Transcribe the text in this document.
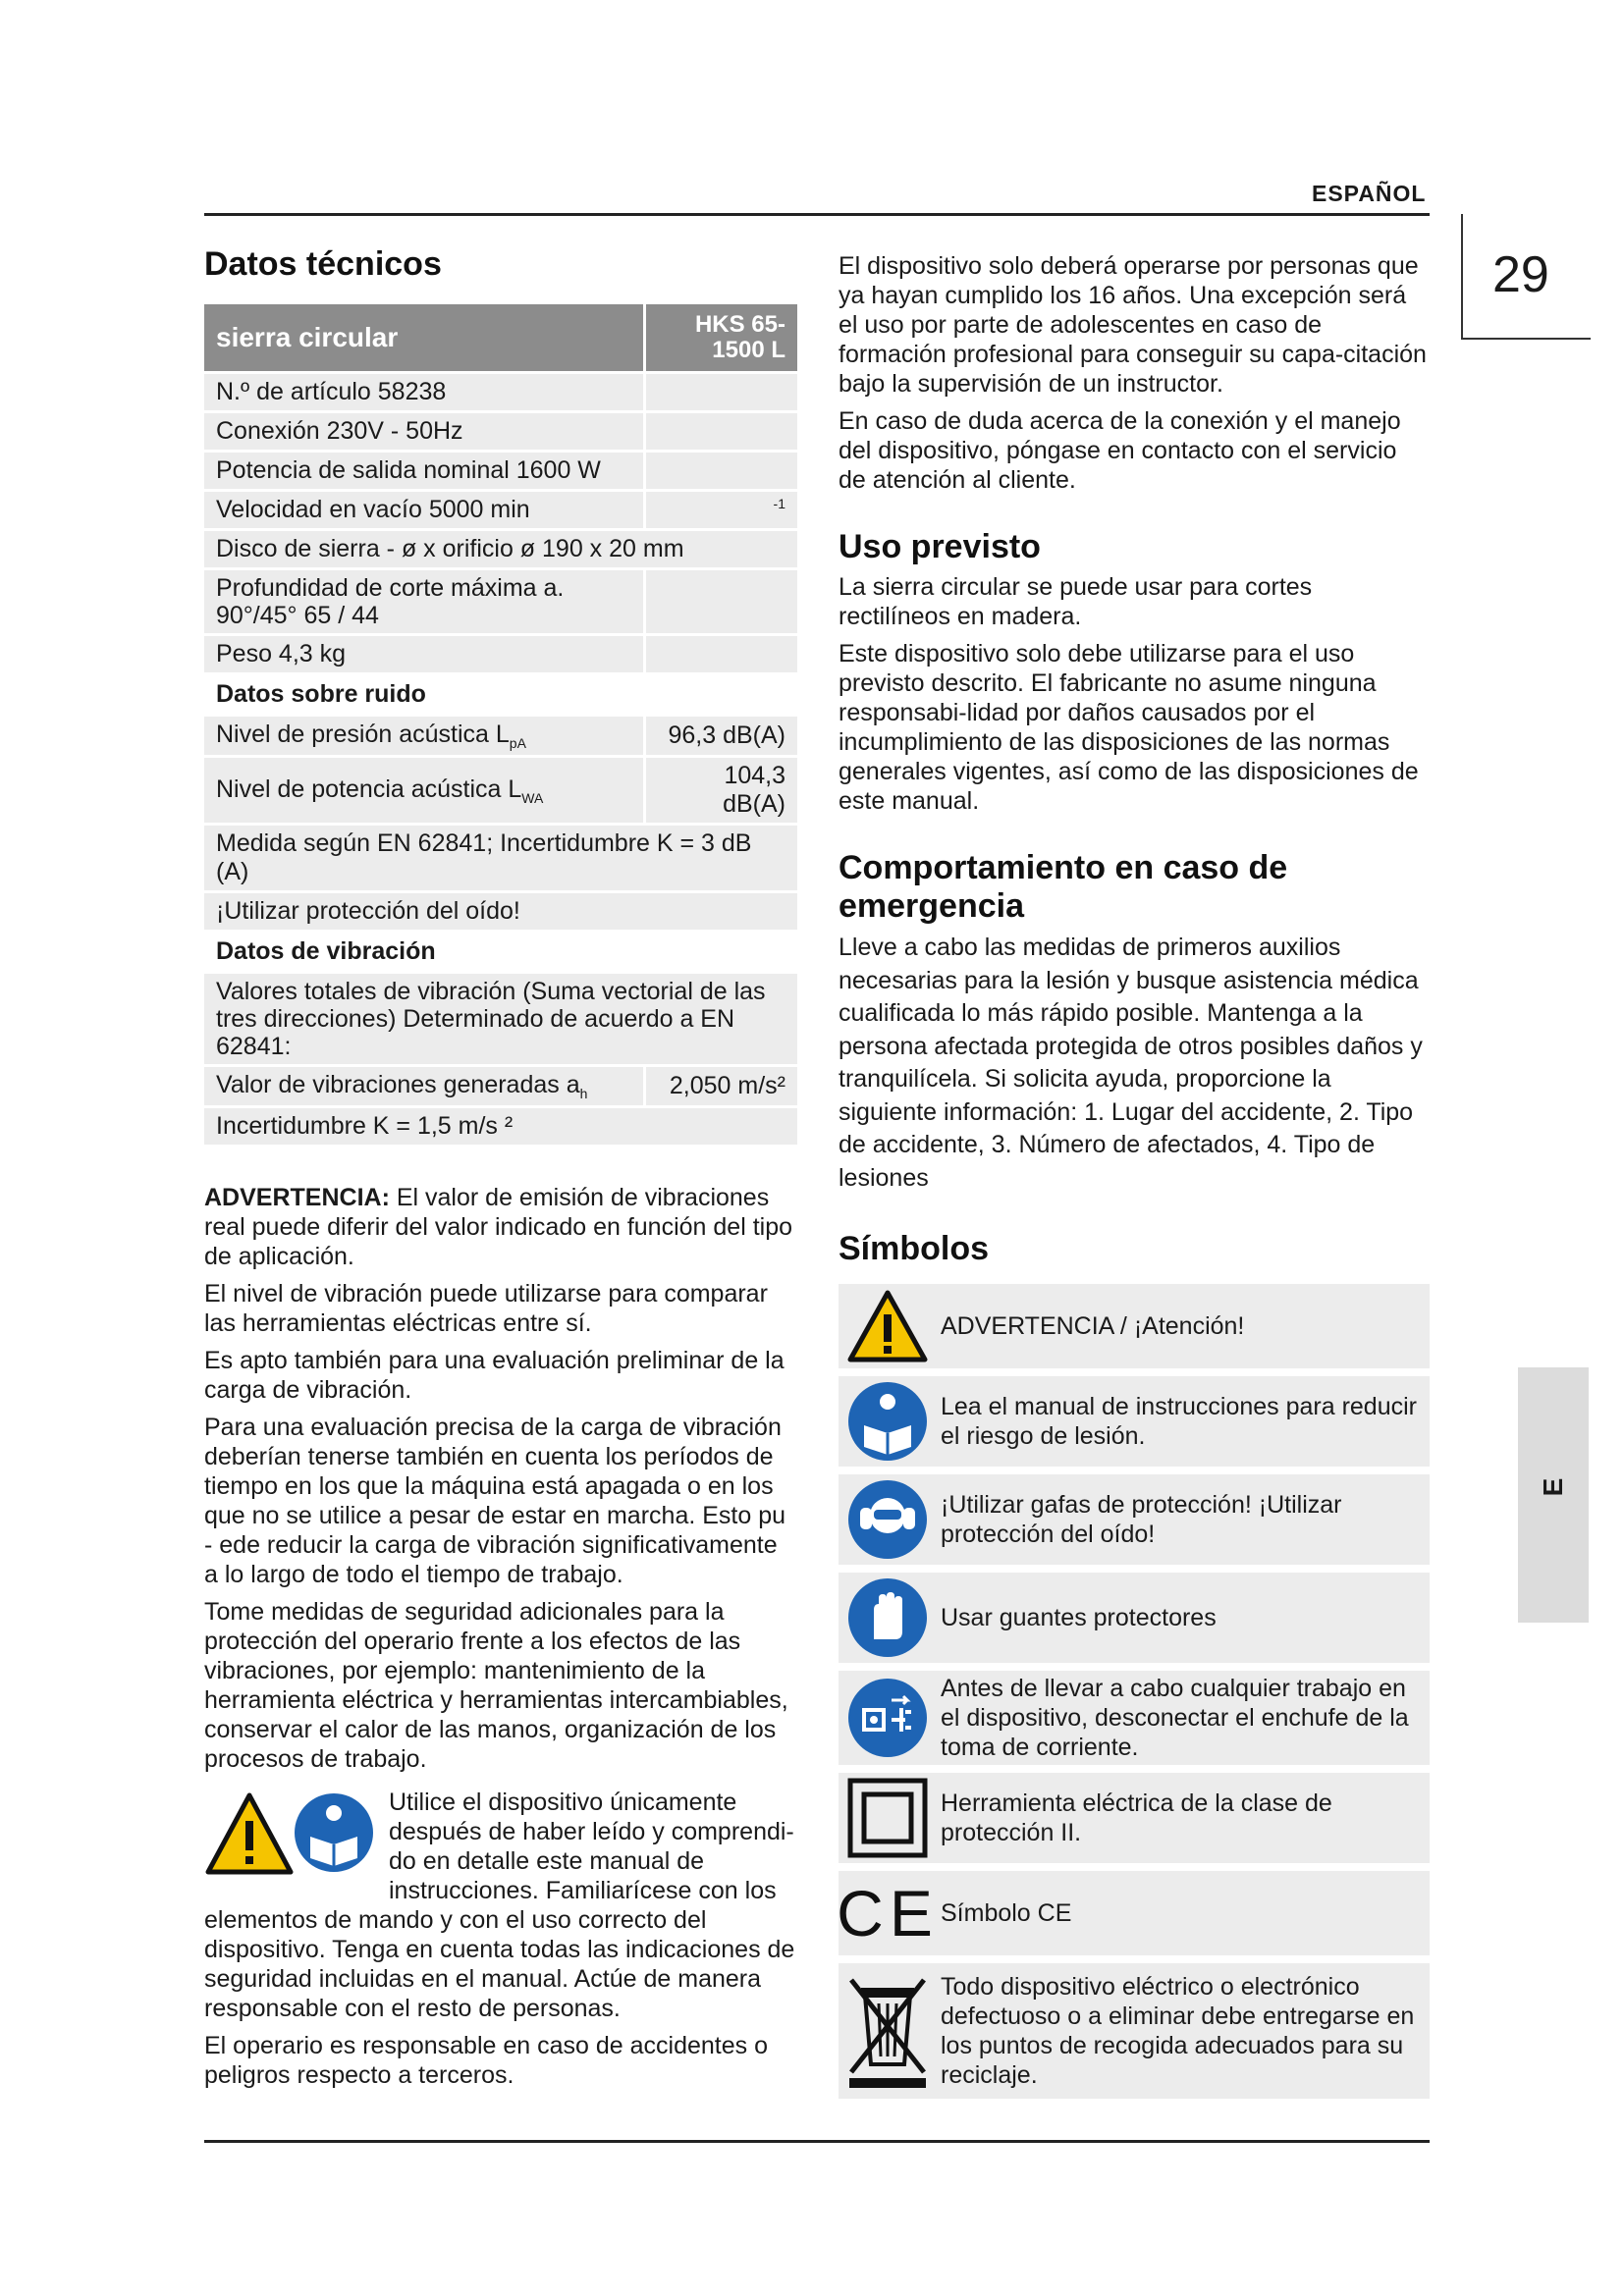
ESPAÑOL
29
E
Datos técnicos
sierra circular	HKS 65-1500 L
N.º de artículo 58238	
Conexión 230V - 50Hz	
Potencia de salida nominal 1600 W	
Velocidad en vacío 5000 min	$^{-1}$
Disco de sierra - ø x orificio ø 190 x 20 mm	
Profundidad de corte máxima a. 90°/45° 65 / 44	
Peso 4,3 kg	
Datos sobre ruido	
Nivel de presión acústica $L_{pA}$	96,3 dB(A)
Nivel de potencia acústica $L_{WA}$	104,3 dB(A)
Medida según EN 62841; Incertidumbre K = 3 dB (A)	
¡Utilizar protección del oído!	
Datos de vibración	
Valores totales de vibración (Suma vectorial de las tres direcciones) Determinado de acuerdo a EN 62841:	
Valor de vibraciones generadas $a_h$	2,050 m/s²
Incertidumbre K = 1,5 m/s ²	

ADVERTENCIA: El valor de emisión de vibraciones real puede diferir del valor indicado en función del tipo de aplicación.

El nivel de vibración puede utilizarse para comparar las herramientas eléctricas entre sí.

Es apto también para una evaluación preliminar de la carga de vibración.

Para una evaluación precisa de la carga de vibración deberían tenerse también en cuenta los períodos de tiempo en los que la máquina está apagada o en los que no se utilice a pesar de estar en marcha. Esto pu - ede reducir la carga de vibración significativamente a lo largo de todo el tiempo de trabajo.

Tome medidas de seguridad adicionales para la protección del operario frente a los efectos de las vibraciones, por ejemplo: mantenimiento de la herramienta eléctrica y herramientas intercambiables, conservar el calor de las manos, organización de los procesos de trabajo.

Utilice el dispositivo únicamente después de haber leído y comprendi-do en detalle este manual de instrucciones. Familiarícese con los elementos de mando y con el uso correcto del dispositivo. Tenga en cuenta todas las indicaciones de seguridad incluidas en el manual. Actúe de manera responsable con el resto de personas.

El operario es responsable en caso de accidentes o peligros respecto a terceros.

El dispositivo solo deberá operarse por personas que ya hayan cumplido los 16 años. Una excepción será el uso por parte de adolescentes en caso de formación profesional para conseguir su capa-citación bajo la supervisión de un instructor.

En caso de duda acerca de la conexión y el manejo del dispositivo, póngase en contacto con el servicio de atención al cliente.

Uso previsto

La sierra circular se puede usar para cortes rectilíneos en madera.

Este dispositivo solo debe utilizarse para el uso previsto descrito. El fabricante no asume ninguna responsabi-lidad por daños causados por el incumplimiento de las disposiciones de las normas generales vigentes, así como de las disposiciones de este manual.

Comportamiento en caso de emergencia

Lleve a cabo las medidas de primeros auxilios necesarias para la lesión y busque asistencia médica cualificada lo más rápido posible. Mantenga a la persona afectada protegida de otros posibles daños y tranquilícela. Si solicita ayuda, proporcione la siguiente información: 1. Lugar del accidente, 2. Tipo de accidente, 3. Número de afectados, 4. Tipo de lesiones

Símbolos
ADVERTENCIA / ¡Atención!
Lea el manual de instrucciones para reducir el riesgo de lesión.
¡Utilizar gafas de protección! ¡Utilizar protección del oído!
Usar guantes protectores
Antes de llevar a cabo cualquier trabajo en el dispositivo, desconectar el enchufe de la toma de corriente.
Herramienta eléctrica de la clase de protección II.
CE Símbolo CE
Todo dispositivo eléctrico o electrónico defectuoso o a eliminar debe entregarse en los puntos de recogida adecuados para su reciclaje.
